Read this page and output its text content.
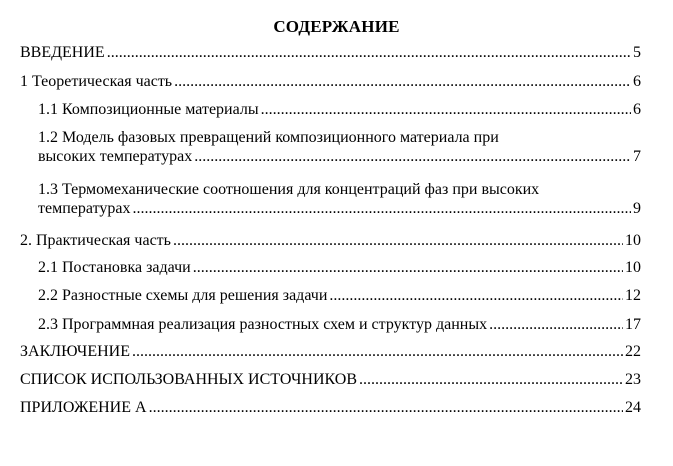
СОДЕРЖАНИЕ
ВВЕДЕНИЕ .....	5
1 Теоретическая часть .....	6
1.1 Композиционные материалы .....	6
1.2 Модель фазовых превращений композиционного материала при
высоких температурах .....	7
1.3 Термомеханические соотношения для концентраций фаз при высоких
температурах .....	9
2. Практическая часть .....	10
2.1 Постановка задачи .....	10
2.2 Разностные схемы для решения задачи .....	12
2.3 Программная реализация разностных схем и структур данных .....	17
ЗАКЛЮЧЕНИЕ .....	22
СПИСОК ИСПОЛЬЗОВАННЫХ ИСТОЧНИКОВ .....	23
ПРИЛОЖЕНИЕ А .....	24
